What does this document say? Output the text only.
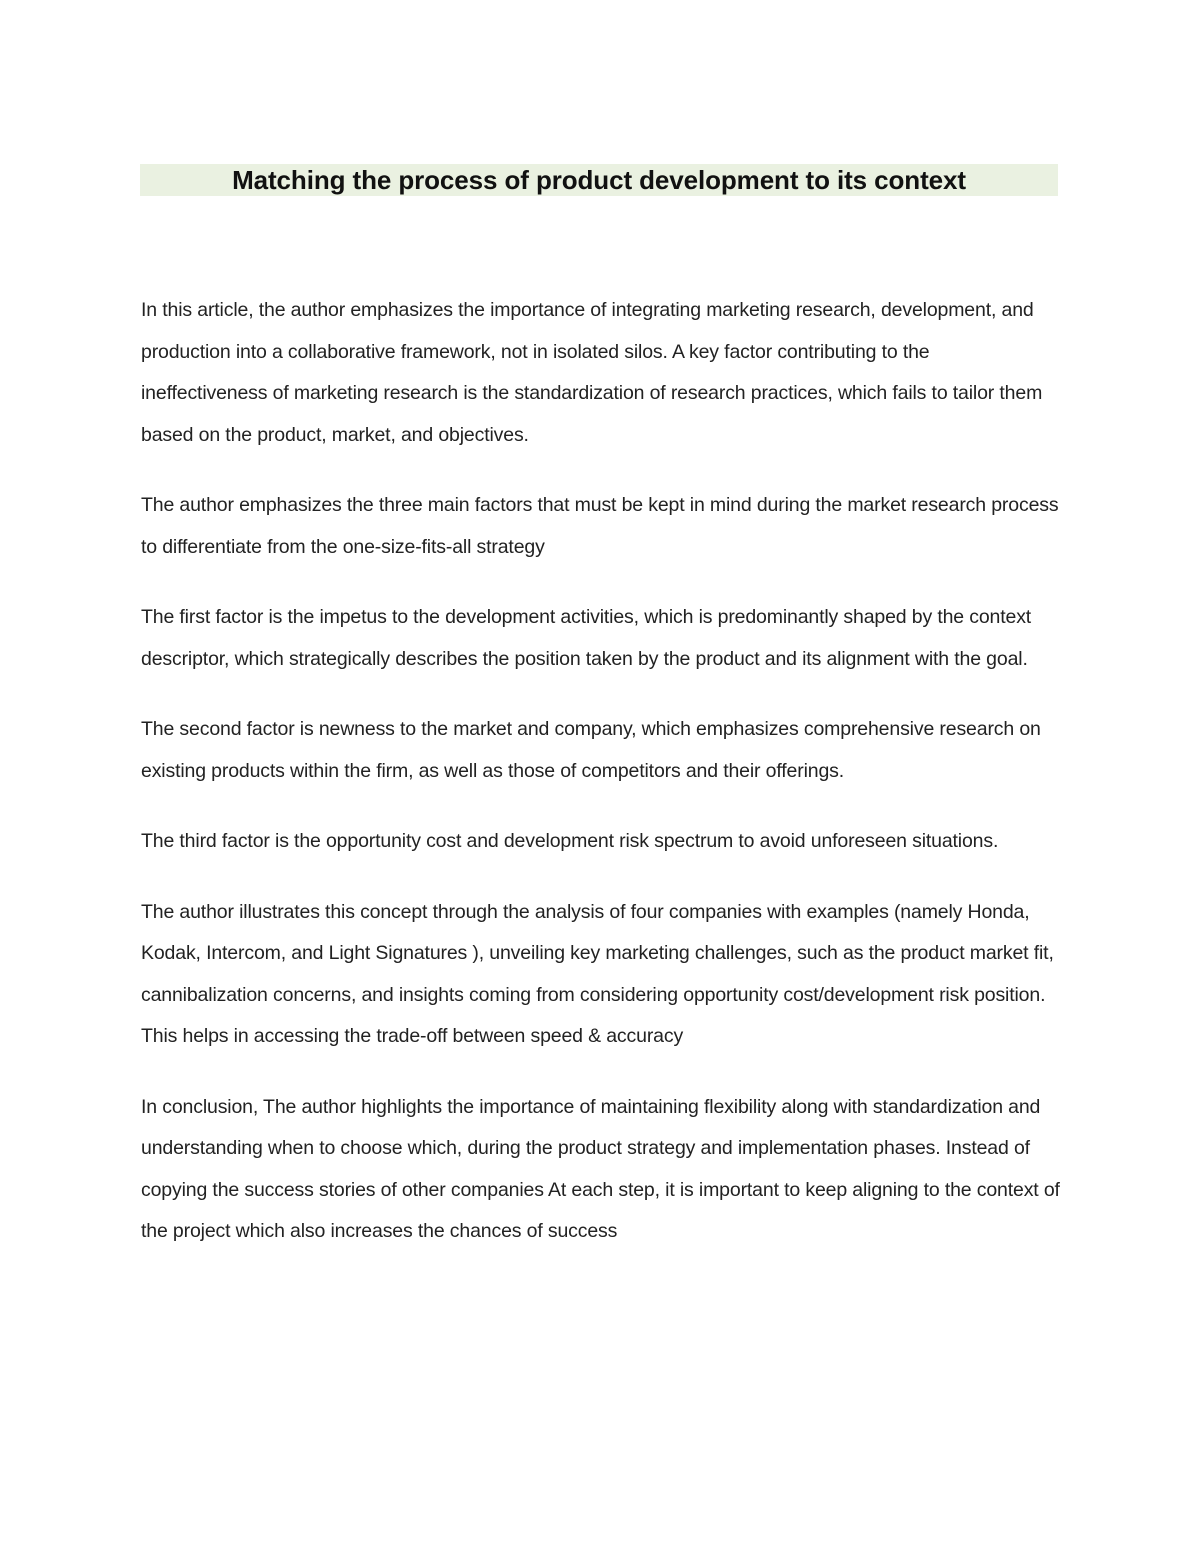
Matching the process of product development to its context

In this article, the author emphasizes the importance of integrating marketing research, development, and production into a collaborative framework, not in isolated silos. A key factor contributing to the ineffectiveness of marketing research is the standardization of research practices, which fails to tailor them based on the product, market, and objectives.

The author emphasizes the three main factors that must be kept in mind during the market research process to differentiate from the one-size-fits-all strategy

The first factor is the impetus to the development activities, which is predominantly shaped by the context descriptor, which strategically describes the position taken by the product and its alignment with the goal.

The second factor is newness to the market and company, which emphasizes comprehensive research on existing products within the firm, as well as those of competitors and their offerings.

The third factor is the opportunity cost and development risk spectrum to avoid unforeseen situations.

The author illustrates this concept through the analysis of four companies with examples (namely Honda, Kodak, Intercom, and Light Signatures ), unveiling key marketing challenges, such as the product market fit, cannibalization concerns, and insights coming from considering opportunity cost/development risk position. This helps in accessing the trade-off between speed & accuracy

In conclusion, The author highlights the importance of maintaining flexibility along with standardization and understanding when to choose which, during the product strategy and implementation phases. Instead of copying the success stories of other companies At each step, it is important to keep aligning to the context of the project which also increases the chances of success
